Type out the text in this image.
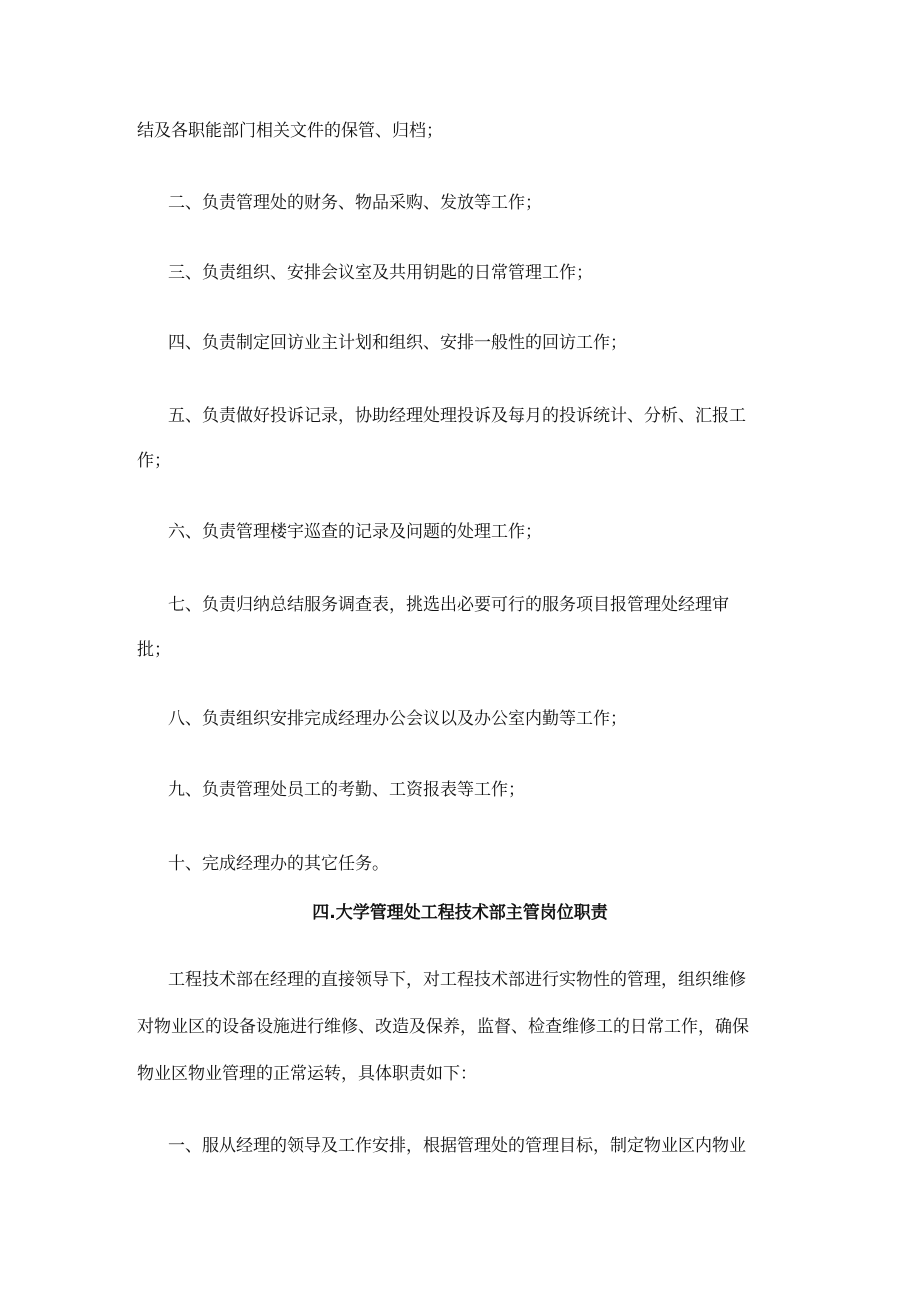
结及各职能部门相关文件的保管、归档；

二、负责管理处的财务、物品采购、发放等工作；

三、负责组织、安排会议室及共用钥匙的日常管理工作；

四、负责制定回访业主计划和组织、安排一般性的回访工作；

五、负责做好投诉记录，协助经理处理投诉及每月的投诉统计、分析、汇报工

作；

六、负责管理楼宇巡查的记录及问题的处理工作；

七、负责归纳总结服务调查表，挑选出必要可行的服务项目报管理处经理审

批；

八、负责组织安排完成经理办公会议以及办公室内勤等工作；

九、负责管理处员工的考勤、工资报表等工作；

十、完成经理办的其它任务。

四.大学管理处工程技术部主管岗位职责

工程技术部在经理的直接领导下，对工程技术部进行实物性的管理，组织维修

对物业区的设备设施进行维修、改造及保养，监督、检查维修工的日常工作，确保

物业区物业管理的正常运转，具体职责如下：

一、服从经理的领导及工作安排，根据管理处的管理目标，制定物业区内物业
